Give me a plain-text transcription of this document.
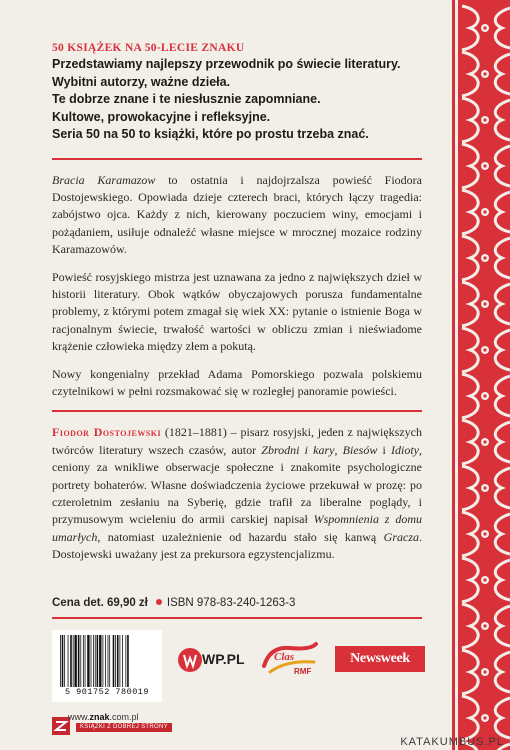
50 KSIĄŻEK NA 50-LECIE ZNAKU
Przedstawiamy najlepszy przewodnik po świecie literatury.
Wybitni autorzy, ważne dzieła.
Te dobrze znane i te niesłusznie zapomniane.
Kultowe, prowokacyjne i refleksyjne.
Seria 50 na 50 to książki, które po prostu trzeba znać.

Bracia Karamazow to ostatnia i najdojrzalsza powieść Fiodora Dostojewskiego. Opowiada dzieje czterech braci, których łączy tragedia: zabójstwo ojca. Każdy z nich, kierowany poczuciem winy, emocjami i pożądaniem, usiłuje odnaleźć własne miejsce w mrocznej mozaice rodziny Karamazowów.

Powieść rosyjskiego mistrza jest uznawana za jedno z największych dzieł w historii literatury. Obok wątków obyczajowych porusza fundamentalne problemy, z którymi potem zmagał się wiek XX: pytanie o istnienie Boga w racjonalnym świecie, trwałość wartości w obliczu zmian i nieświadome krążenie człowieka między złem a pokutą.

Nowy kongenialny przekład Adama Pomorskiego pozwala polskiemu czytelnikowi w pełni rozsmakować się w rozległej panoramie powieści.

Fiodor Dostojewski (1821–1881) – pisarz rosyjski, jeden z największych twórców literatury wszech czasów, autor Zbrodni i kary, Biesów i Idioty, ceniony za wnikliwe obserwacje społeczne i znakomite psychologiczne portrety bohaterów. Własne doświadczenia życiowe przekuwał w prozę: po czteroletnim zesłaniu na Syberię, gdzie trafił za liberalne poglądy, i przymusowym wcieleniu do armii carskiej napisał Wspomnienia z domu umarłych, natomiast uzależnienie od hazardu stało się kanwą Gracza. Dostojewski uważany jest za prekursora egzystencjalizmu.

Cena det. 69,90 zł ISBN 978-83-240-1263-3
5 901752 780019
WP.PL	Clas
RMF
Newsweek
www.znak.com.pl
KSIĄŻKI Z DOBREJ STRONY
KATAKUMBUS.PL
